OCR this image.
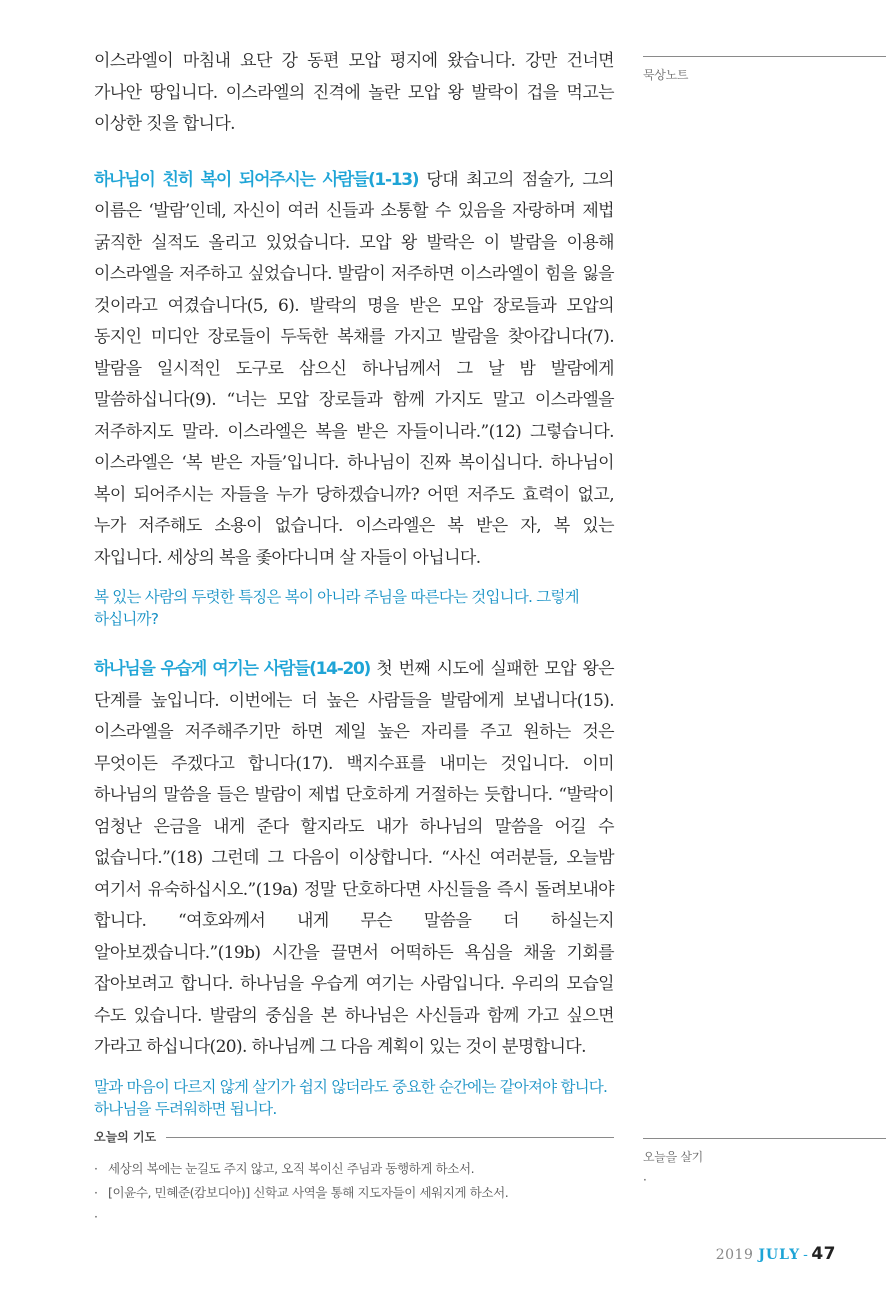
이스라엘이 마침내 요단 강 동편 모압 평지에 왔습니다. 강만 건너면 가나안 땅입니다. 이스라엘의 진격에 놀란 모압 왕 발락이 겁을 먹고는 이상한 짓을 합니다.

하나님이 친히 복이 되어주시는 사람들(1-13) 당대 최고의 점술가, 그의 이름은 ‘발람’인데, 자신이 여러 신들과 소통할 수 있음을 자랑하며 제법 굵직한 실적도 올리고 있었습니다. 모압 왕 발락은 이 발람을 이용해 이스라엘을 저주하고 싶었습니다. 발람이 저주하면 이스라엘이 힘을 잃을 것이라고 여겼습니다(5, 6). 발락의 명을 받은 모압 장로들과 모압의 동지인 미디안 장로들이 두둑한 복채를 가지고 발람을 찾아갑니다(7). 발람을 일시적인 도구로 삼으신 하나님께서 그 날 밤 발람에게 말씀하십니다(9). “너는 모압 장로들과 함께 가지도 말고 이스라엘을 저주하지도 말라. 이스라엘은 복을 받은 자들이니라.”(12) 그렇습니다. 이스라엘은 ‘복 받은 자들’입니다. 하나님이 진짜 복이십니다. 하나님이 복이 되어주시는 자들을 누가 당하겠습니까? 어떤 저주도 효력이 없고, 누가 저주해도 소용이 없습니다. 이스라엘은 복 받은 자, 복 있는 자입니다. 세상의 복을 좇아다니며 살 자들이 아닙니다.

복 있는 사람의 두렷한 특징은 복이 아니라 주님을 따른다는 것입니다. 그렇게 하십니까?

하나님을 우습게 여기는 사람들(14-20) 첫 번째 시도에 실패한 모압 왕은 단계를 높입니다. 이번에는 더 높은 사람들을 발람에게 보냅니다(15). 이스라엘을 저주해주기만 하면 제일 높은 자리를 주고 원하는 것은 무엇이든 주겠다고 합니다(17). 백지수표를 내미는 것입니다. 이미 하나님의 말씀을 들은 발람이 제법 단호하게 거절하는 듯합니다. “발락이 엄청난 은금을 내게 준다 할지라도 내가 하나님의 말씀을 어길 수 없습니다.”(18) 그런데 그 다음이 이상합니다. “사신 여러분들, 오늘밤 여기서 유숙하십시오.”(19a) 정말 단호하다면 사신들을 즉시 돌려보내야 합니다. “여호와께서 내게 무슨 말씀을 더 하실는지 알아보겠습니다.”(19b) 시간을 끌면서 어떡하든 욕심을 채울 기회를 잡아보려고 합니다. 하나님을 우습게 여기는 사람입니다. 우리의 모습일 수도 있습니다. 발람의 중심을 본 하나님은 사신들과 함께 가고 싶으면 가라고 하십니다(20). 하나님께 그 다음 계획이 있는 것이 분명합니다.

말과 마음이 다르지 않게 살기가 쉽지 않더라도 중요한 순간에는 같아져야 합니다. 하나님을 두려워하면 됩니다.
묵상노트
오늘의 기도
· 세상의 복에는 눈길도 주지 않고, 오직 복이신 주님과 동행하게 하소서.
· [이윤수, 민혜준(캄보디아)] 신학교 사역을 통해 지도자들이 세워지게 하소서.
·
오늘을 살기
·
2019 JULY - 47
